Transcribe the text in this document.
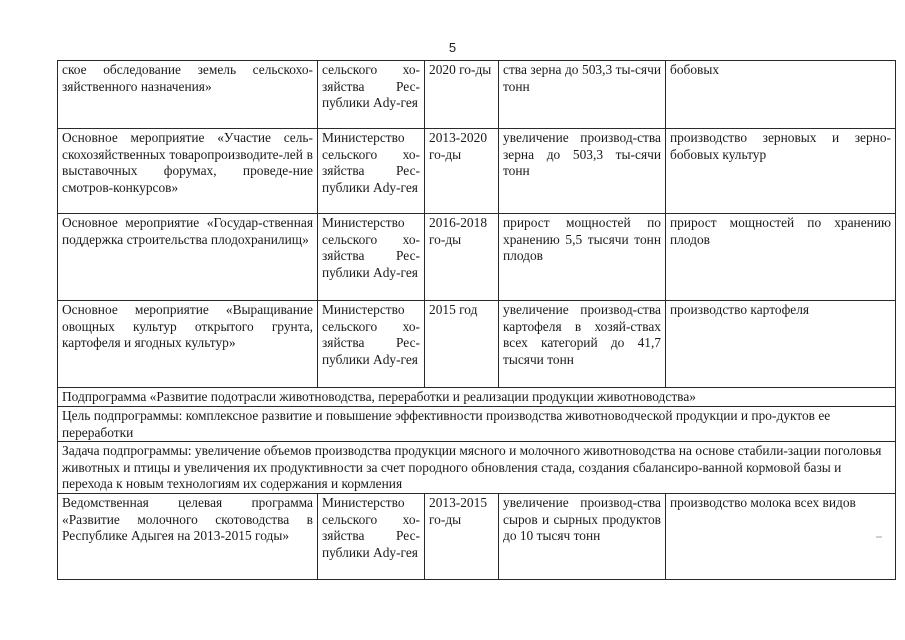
5
ское обследование земель сельскохо-зяйственного назначения»	сельского хо-зяйства Рес-публики Ady-гея	2020 го-ды	ства зерна до 503,3 ты-сячи тонн	бобовых
Основное мероприятие «Участие сель-скохозяйственных товаропроизводите-лей в выставочных форумах, проведе-ние смотров-конкурсов»	Министерство сельского хо-зяйства Рес-публики Ady-гея	2013-2020 го-ды	увеличение производ-ства зерна до 503,3 ты-сячи тонн	производство зерновых и зерно-бобовых культур
Основное мероприятие «Государ-ственная поддержка строительства плодохранилищ»	Министерство сельского хо-зяйства Рес-публики Ady-гея	2016-2018 го-ды	прирост мощностей по хранению 5,5 тысячи тонн плодов	прирост мощностей по хранению плодов
Основное мероприятие «Выращивание овощных культур открытого грунта, картофеля и ягодных культур»	Министерство сельского хо-зяйства Рес-публики Ady-гея	2015 год	увеличение производ-ства картофеля в хозяй-ствах всех категорий до 41,7 тысячи тонн	производство картофеля
Подпрограмма «Развитие подотрасли животноводства, переработки и реализации продукции животноводства»				
Цель подпрограммы: комплексное развитие и повышение эффективности производства животноводческой продукции и про-дуктов ее переработки				
Задача подпрограммы: увеличение объемов производства продукции мясного и молочного животноводства на основе стабили-зации поголовья животных и птицы и увеличения их продуктивности за счет породного обновления стада, создания сбалансиро-ванной кормовой базы и перехода к новым технологиям их содержания и кормления				
Ведомственная целевая программа «Развитие молочного скотоводства в Республике Адыгея на 2013-2015 годы»	Министерство сельского хо-зяйства Рес-публики Ady-гея	2013-2015 го-ды	увеличение производ-ства сыров и сырных продуктов до 10 тысяч тонн	производство молока всех видов
